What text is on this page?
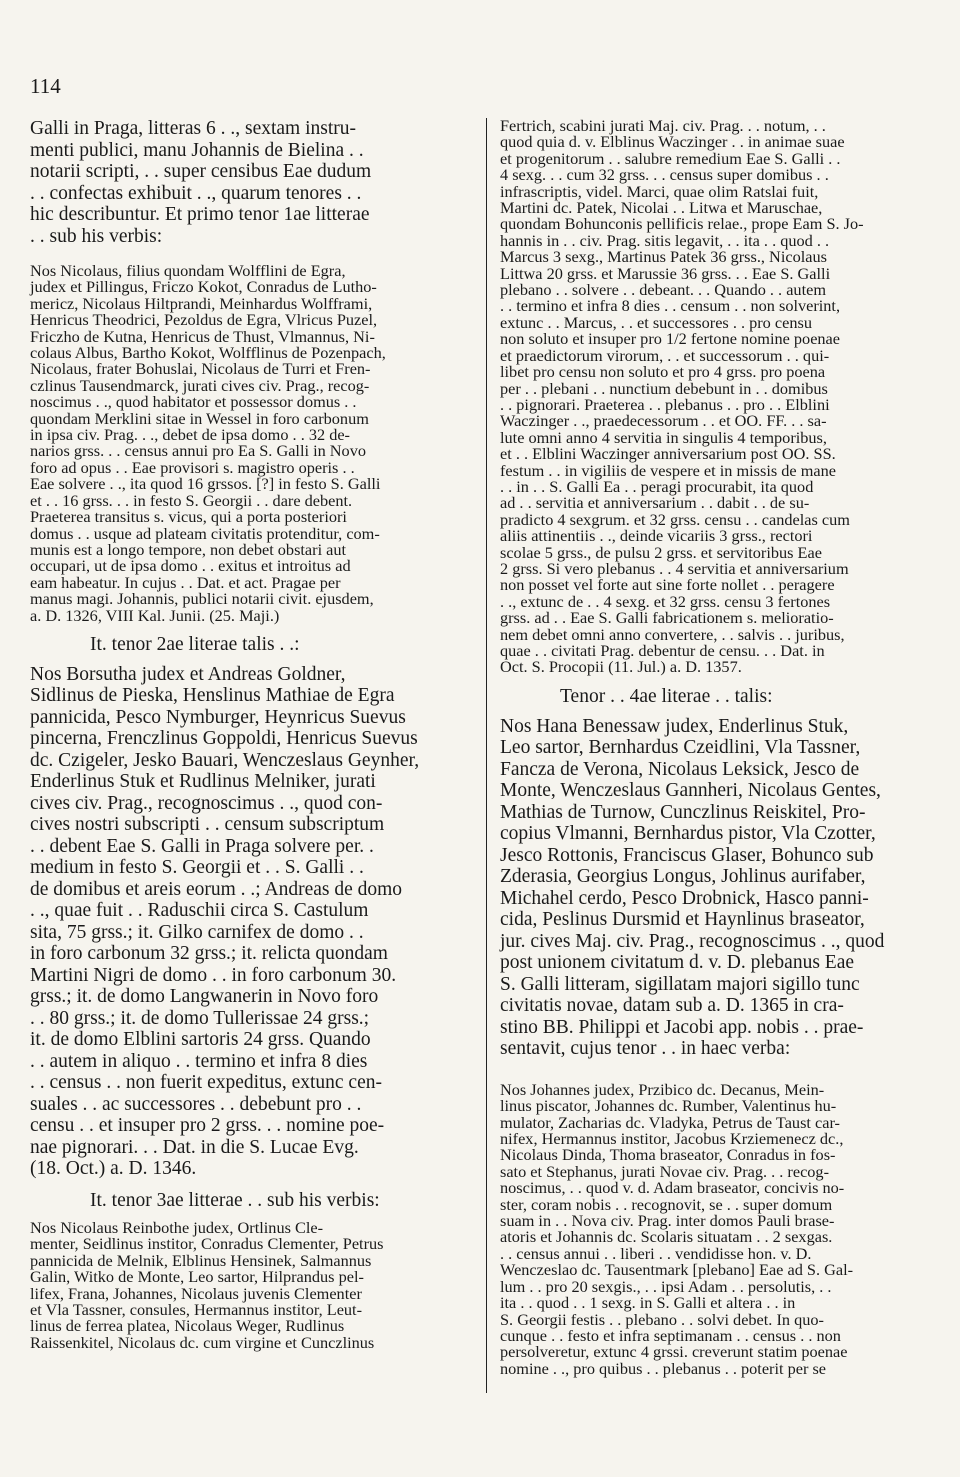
114

Galli in Praga, litteras 6 . ., sextam instru-
menti publici, manu Johannis de Bielina . .
notarii scripti, . . super censibus Eae dudum
. . confectas exhibuit . ., quarum tenores . .
hic describuntur. Et primo tenor 1ae litterae
. . sub his verbis:

Nos Nicolaus, filius quondam Wolfflini de Egra,
judex et Pillingus, Friczo Kokot, Conradus de Lutho-
mericz, Nicolaus Hiltprandi, Meinhardus Wolfframi,
Henricus Theodrici, Pezoldus de Egra, Vlricus Puzel,
Friczho de Kutna, Henricus de Thust, Vlmannus, Ni-
colaus Albus, Bartho Kokot, Wolfflinus de Pozenpach,
Nicolaus, frater Bohuslai, Nicolaus de Turri et Fren-
czlinus Tausendmarck, jurati cives civ. Prag., recog-
noscimus . ., quod habitator et possessor domus . .
quondam Merklini sitae in Wessel in foro carbonum
in ipsa civ. Prag. . ., debet de ipsa domo . . 32 de-
narios grss. . . census annui pro Ea S. Galli in Novo
foro ad opus . . Eae provisori s. magistro operis . .
Eae solvere . ., ita quod 16 grssos. [?] in festo S. Galli
et . . 16 grss. . . in festo S. Georgii . . dare debent.
Praeterea transitus s. vicus, qui a porta posteriori
domus . . usque ad plateam civitatis protenditur, com-
munis est a longo tempore, non debet obstari aut
occupari, ut de ipsa domo . . exitus et introitus ad
eam habeatur. In cujus . . Dat. et act. Pragae per
manus magi. Johannis, publici notarii civit. ejusdem,
a. D. 1326, VIII Kal. Junii. (25. Maji.)

It. tenor 2ae literae talis . .:

Nos Borsutha judex et Andreas Goldner,
Sidlinus de Pieska, Henslinus Mathiae de Egra
pannicida, Pesco Nymburger, Heynricus Suevus
pincerna, Frenczlinus Goppoldi, Henricus Suevus
dc. Czigeler, Jesko Bauari, Wenczeslaus Geynher,
Enderlinus Stuk et Rudlinus Melniker, jurati
cives civ. Prag., recognoscimus . ., quod con-
cives nostri subscripti . . censum subscriptum
. . debent Eae S. Galli in Praga solvere per. .
medium in festo S. Georgii et . . S. Galli . .
de domibus et areis eorum . .; Andreas de domo
. ., quae fuit . . Raduschii circa S. Castulum
sita, 75 grss.; it. Gilko carnifex de domo . .
in foro carbonum 32 grss.; it. relicta quondam
Martini Nigri de domo . . in foro carbonum 30.
grss.; it. de domo Langwanerin in Novo foro
. . 80 grss.; it. de domo Tullerissae 24 grss.;
it. de domo Elblini sartoris 24 grss. Quando
. . autem in aliquo . . termino et infra 8 dies
. . census . . non fuerit expeditus, extunc cen-
suales . . ac successores . . debebunt pro . .
censu . . et insuper pro 2 grss. . . nomine poe-
nae pignorari. . . Dat. in die S. Lucae Evg.
(18. Oct.) a. D. 1346.

It. tenor 3ae litterae . . sub his verbis:

Nos Nicolaus Reinbothe judex, Ortlinus Cle-
menter, Seidlinus institor, Conradus Clementer, Petrus
pannicida de Melnik, Elblinus Hensinek, Salmannus
Galin, Witko de Monte, Leo sartor, Hilprandus pel-
lifex, Frana, Johannes, Nicolaus juvenis Clementer
et Vla Tassner, consules, Hermannus institor, Leut-
linus de ferrea platea, Nicolaus Weger, Rudlinus
Raissenkitel, Nicolaus dc. cum virgine et Cunczlinus

Fertrich, scabini jurati Maj. civ. Prag. . . notum, . .
quod quia d. v. Elblinus Waczinger . . in animae suae
et progenitorum . . salubre remedium Eae S. Galli . .
4 sexg. . . cum 32 grss. . . census super domibus . .
infrascriptis, videl. Marci, quae olim Ratslai fuit,
Martini dc. Patek, Nicolai . . Litwa et Maruschae,
quondam Bohunconis pellificis relae., prope Eam S. Jo-
hannis in . . civ. Prag. sitis legavit, . . ita . . quod . .
Marcus 3 sexg., Martinus Patek 36 grss., Nicolaus
Littwa 20 grss. et Marussie 36 grss. . . Eae S. Galli
plebano . . solvere . . debeant. . . Quando . . autem
. . termino et infra 8 dies . . censum . . non solverint,
extunc . . Marcus, . . et successores . . pro censu
non soluto et insuper pro 1/2 fertone nomine poenae
et praedictorum virorum, . . et successorum . . qui-
libet pro censu non soluto et pro 4 grss. pro poena
per . . plebani . . nunctium debebunt in . . domibus
. . pignorari. Praeterea . . plebanus . . pro . . Elblini
Waczinger . ., praedecessorum . . et OO. FF. . . sa-
lute omni anno 4 servitia in singulis 4 temporibus,
et . . Elblini Waczinger anniversarium post OO. SS.
festum . . in vigiliis de vespere et in missis de mane
. . in . . S. Galli Ea . . peragi procurabit, ita quod
ad . . servitia et anniversarium . . dabit . . de su-
pradicto 4 sexgrum. et 32 grss. censu . . candelas cum
aliis attinentiis . ., deinde vicariis 3 grss., rectori
scolae 5 grss., de pulsu 2 grss. et servitoribus Eae
2 grss. Si vero plebanus . . 4 servitia et anniversarium
non posset vel forte aut sine forte nollet . . peragere
. ., extunc de . . 4 sexg. et 32 grss. censu 3 fertones
grss. ad . . Eae S. Galli fabricationem s. melioratio-
nem debet omni anno convertere, . . salvis . . juribus,
quae . . civitati Prag. debentur de censu. . . Dat. in
Oct. S. Procopii (11. Jul.) a. D. 1357.

Tenor . . 4ae literae . . talis:

Nos Hana Benessaw judex, Enderlinus Stuk,
Leo sartor, Bernhardus Czeidlini, Vla Tassner,
Fancza de Verona, Nicolaus Leksick, Jesco de
Monte, Wenczeslaus Gannheri, Nicolaus Gentes,
Mathias de Turnow, Cunczlinus Reiskitel, Pro-
copius Vlmanni, Bernhardus pistor, Vla Czotter,
Jesco Rottonis, Franciscus Glaser, Bohunco sub
Zderasia, Georgius Longus, Johlinus aurifaber,
Michahel cerdo, Pesco Drobnick, Hasco panni-
cida, Peslinus Dursmid et Haynlinus braseator,
jur. cives Maj. civ. Prag., recognoscimus . ., quod
post unionem civitatum d. v. D. plebanus Eae
S. Galli litteram, sigillatam majori sigillo tunc
civitatis novae, datam sub a. D. 1365 in cra-
stino BB. Philippi et Jacobi app. nobis . . prae-
sentavit, cujus tenor . . in haec verba:

Nos Johannes judex, Przibico dc. Decanus, Mein-
linus piscator, Johannes dc. Rumber, Valentinus hu-
mulator, Zacharias dc. Vladyka, Petrus de Taust car-
nifex, Hermannus institor, Jacobus Krziemenecz dc.,
Nicolaus Dinda, Thoma braseator, Conradus in fos-
sato et Stephanus, jurati Novae civ. Prag. . . recog-
noscimus, . . quod v. d. Adam braseator, concivis no-
ster, coram nobis . . recognovit, se . . super domum
suam in . . Nova civ. Prag. inter domos Pauli brase-
atoris et Johannis dc. Scolaris situatam . . 2 sexgas.
. . census annui . . liberi . . vendidisse hon. v. D.
Wenczeslao dc. Tausentmark [plebano] Eae ad S. Gal-
lum . . pro 20 sexgis., . . ipsi Adam . . persolutis, . .
ita . . quod . . 1 sexg. in S. Galli et altera . . in
S. Georgii festis . . plebano . . solvi debet. In quo-
cunque . . festo et infra septimanam . . census . . non
persolveretur, extunc 4 grssi. creverunt statim poenae
nomine . ., pro quibus . . plebanus . . poterit per se
